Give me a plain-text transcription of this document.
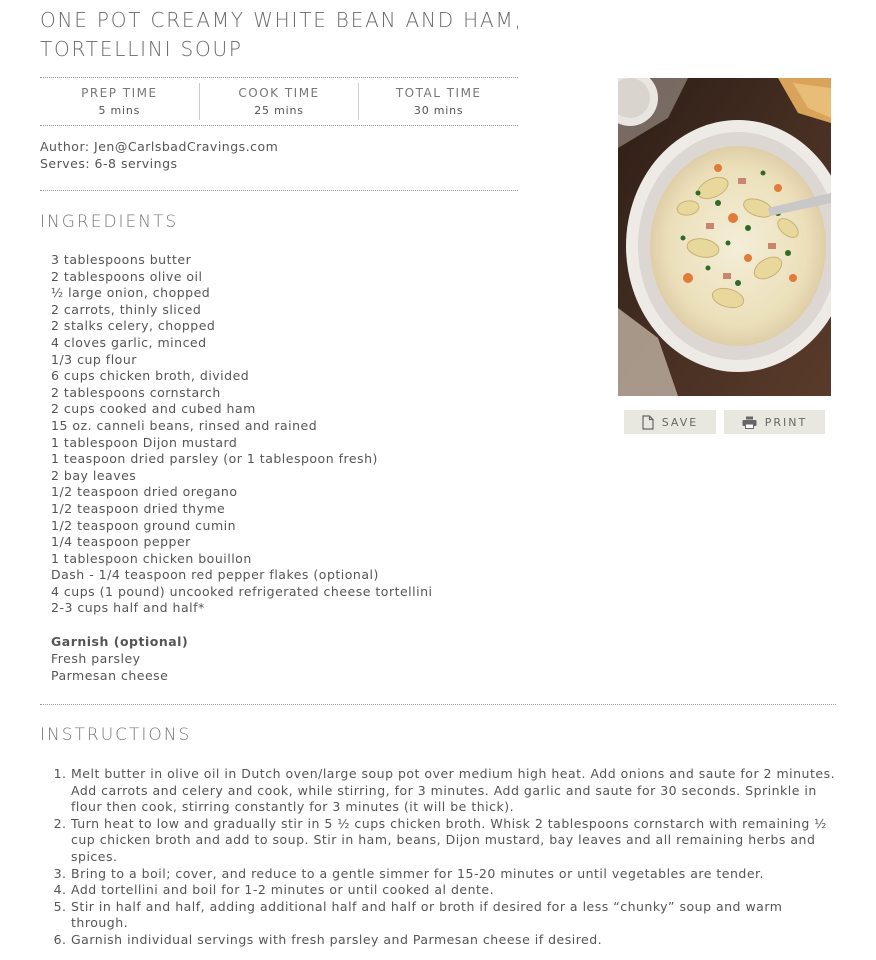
ONE POT CREAMY WHITE BEAN AND HAM, TORTELLINI SOUP
PREP TIME
5 mins
COOK TIME
25 mins
TOTAL TIME
30 mins
Author: Jen@CarlsbadCravings.com
Serves: 6-8 servings
SAVE	PRINT
INGREDIENTS
3 tablespoons butter
2 tablespoons olive oil
½ large onion, chopped
2 carrots, thinly sliced
2 stalks celery, chopped
4 cloves garlic, minced
1/3 cup flour
6 cups chicken broth, divided
2 tablespoons cornstarch
2 cups cooked and cubed ham
15 oz. canneli beans, rinsed and rained
1 tablespoon Dijon mustard
1 teaspoon dried parsley (or 1 tablespoon fresh)
2 bay leaves
1/2 teaspoon dried oregano
1/2 teaspoon dried thyme
1/2 teaspoon ground cumin
1/4 teaspoon pepper
1 tablespoon chicken bouillon
Dash - 1/4 teaspoon red pepper flakes (optional)
4 cups (1 pound) uncooked refrigerated cheese tortellini
2-3 cups half and half*
Garnish (optional)
Fresh parsley
Parmesan cheese
INSTRUCTIONS
1. Melt butter in olive oil in Dutch oven/large soup pot over medium high heat. Add onions and saute for 2 minutes. Add carrots and celery and cook, while stirring, for 3 minutes. Add garlic and saute for 30 seconds. Sprinkle in flour then cook, stirring constantly for 3 minutes (it will be thick).
2. Turn heat to low and gradually stir in 5 ½ cups chicken broth. Whisk 2 tablespoons cornstarch with remaining ½ cup chicken broth and add to soup. Stir in ham, beans, Dijon mustard, bay leaves and all remaining herbs and spices.
3. Bring to a boil; cover, and reduce to a gentle simmer for 15-20 minutes or until vegetables are tender.
4. Add tortellini and boil for 1-2 minutes or until cooked al dente.
5. Stir in half and half, adding additional half and half or broth if desired for a less “chunky” soup and warm through.
6. Garnish individual servings with fresh parsley and Parmesan cheese if desired.
